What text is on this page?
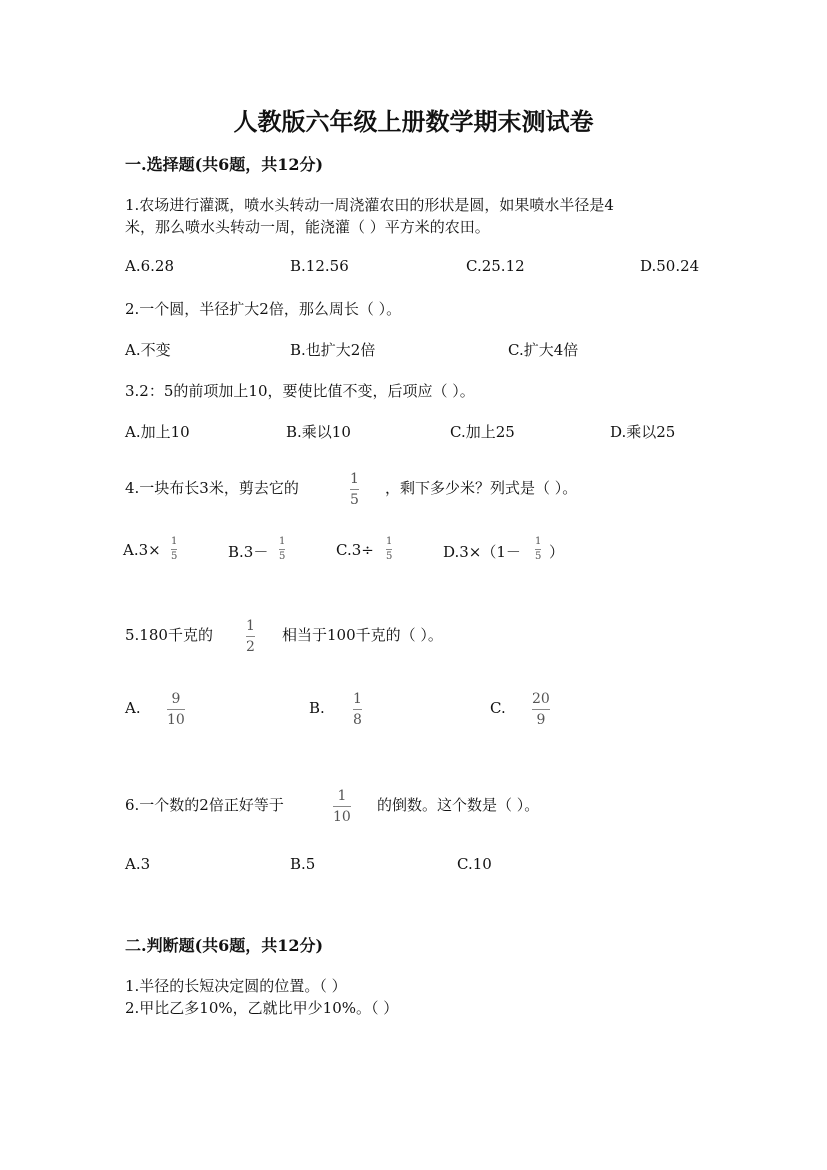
人教版六年级上册数学期末测试卷
一.选择题(共6题，共12分)
1.农场进行灌溉，喷水头转动一周浇灌农田的形状是圆，如果喷水半径是4
米，那么喷水头转动一周，能浇灌（ ）平方米的农田。
A.6.28	B.12.56	C.25.12	D.50.24
2.一个圆，半径扩大2倍，那么周长（ ）。
A.不变	B.也扩大2倍	C.扩大4倍
3.2：5的前项加上10，要使比值不变，后项应（ ）。
A.加上10	B.乘以10	C.加上25	D.乘以25
4.一块布长3米，剪去它的	1
5
，剩下多少米？列式是（ ）。
A.3× 1
5	B.3－
1
5	C.3÷ 1
5	D.3×（1－
1
5 ）
5.180千克的 1
2
相当于100千克的（ ）。
A. 9
10
B. 1
8
C. 20
9
6.一个数的2倍正好等于	1
10
的倒数。这个数是（ ）。
A.3	B.5	C.10
二.判断题(共6题，共12分)
1.半径的长短决定圆的位置。（ ）
2.甲比乙多10%，乙就比甲少10%。（ ）
